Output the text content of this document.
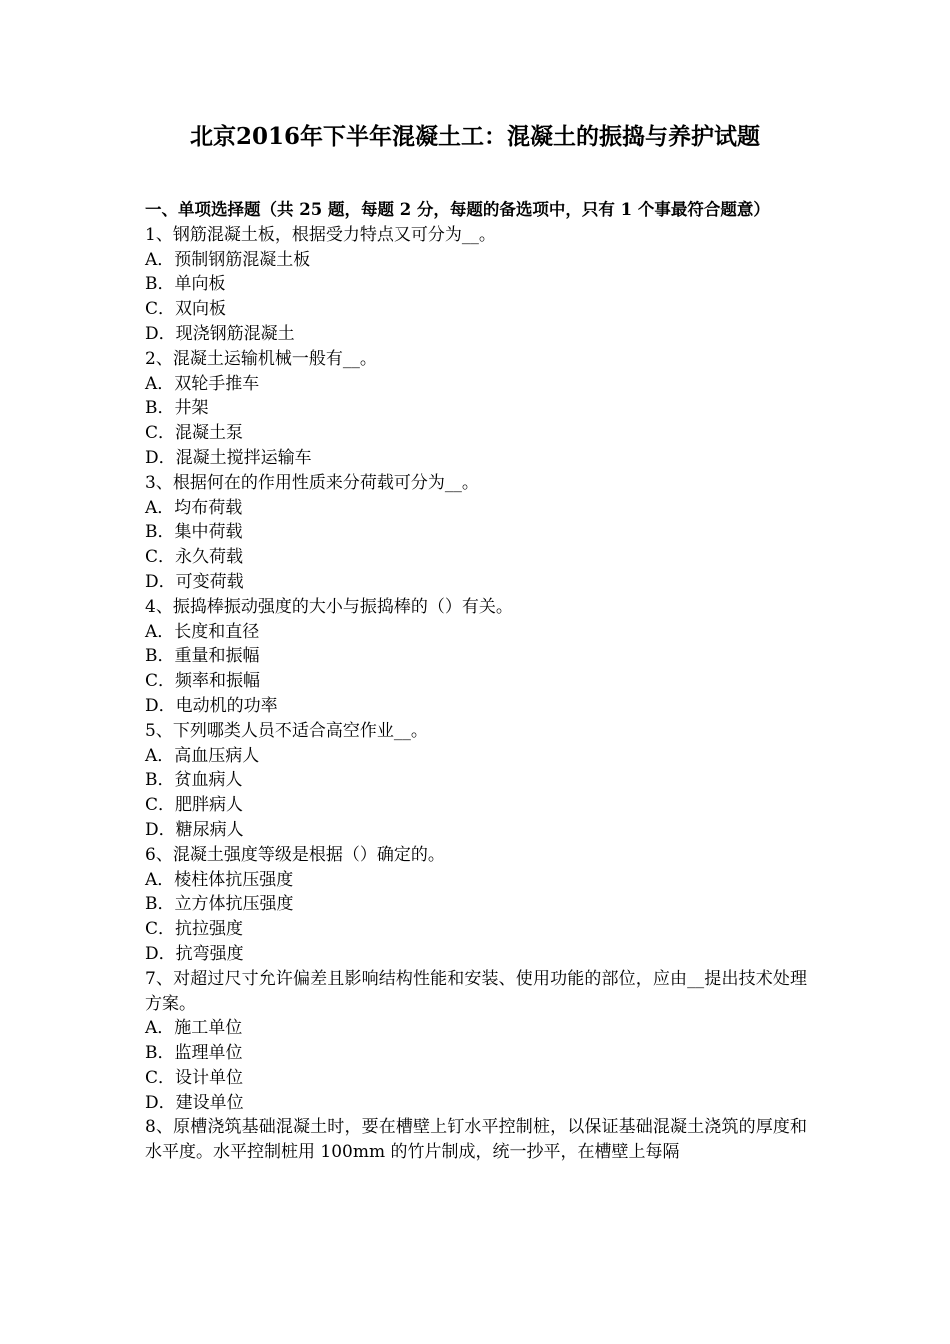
北京2016年下半年混凝土工：混凝土的振捣与养护试题
一、单项选择题（共 25 题，每题 2 分，每题的备选项中，只有 1 个事最符合题意）
1、钢筋混凝土板，根据受力特点又可分为__。
A．预制钢筋混凝土板
B．单向板
C．双向板
D．现浇钢筋混凝土
2、混凝土运输机械一般有__。
A．双轮手推车
B．井架
C．混凝土泵
D．混凝土搅拌运输车
3、根据何在的作用性质来分荷载可分为__。
A．均布荷载
B．集中荷载
C．永久荷载
D．可变荷载
4、振捣棒振动强度的大小与振捣棒的（）有关。
A．长度和直径
B．重量和振幅
C．频率和振幅
D．电动机的功率
5、下列哪类人员不适合高空作业__。
A．高血压病人
B．贫血病人
C．肥胖病人
D．糖尿病人
6、混凝土强度等级是根据（）确定的。
A．棱柱体抗压强度
B．立方体抗压强度
C．抗拉强度
D．抗弯强度
7、对超过尺寸允许偏差且影响结构性能和安装、使用功能的部位，应由__提出技术处理方案。
A．施工单位
B．监理单位
C．设计单位
D．建设单位
8、原槽浇筑基础混凝土时，要在槽壁上钉水平控制桩，以保证基础混凝土浇筑的厚度和水平度。水平控制桩用 100mm 的竹片制成，统一抄平，在槽壁上每隔
